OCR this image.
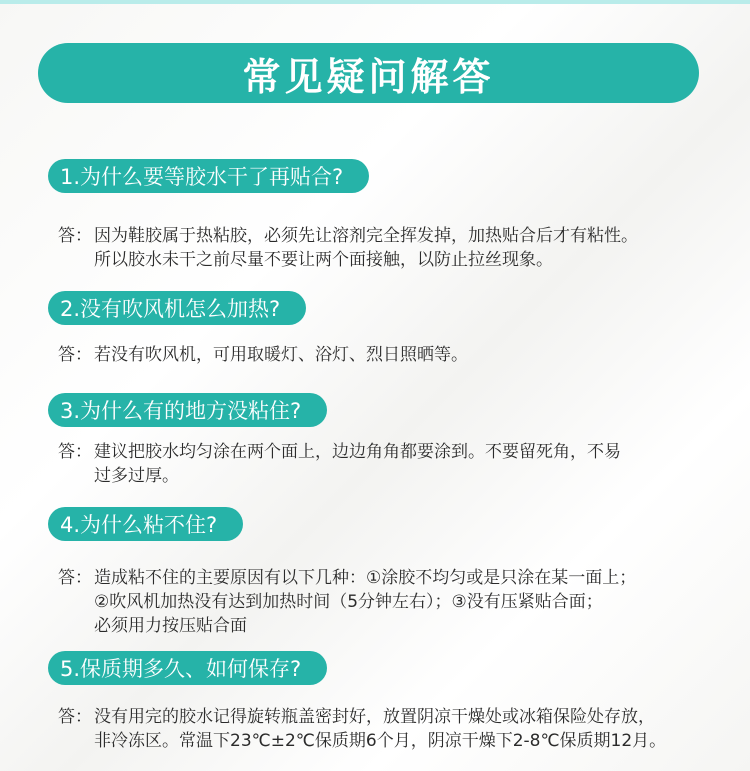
常见疑问解答
1.为什么要等胶水干了再贴合?
答： 因为鞋胶属于热粘胶，必须先让溶剂完全挥发掉，加热贴合后才有粘性。
所以胶水未干之前尽量不要让两个面接触，以防止拉丝现象。
2.没有吹风机怎么加热?
答： 若没有吹风机，可用取暖灯、浴灯、烈日照晒等。
3.为什么有的地方没粘住?
答： 建议把胶水均匀涂在两个面上，边边角角都要涂到。不要留死角，不易
过多过厚。
4.为什么粘不住?
答： 造成粘不住的主要原因有以下几种：①涂胶不均匀或是只涂在某一面上；
②吹风机加热没有达到加热时间（5分钟左右）；③没有压紧贴合面；
必须用力按压贴合面
5.保质期多久、如何保存?
答： 没有用完的胶水记得旋转瓶盖密封好，放置阴凉干燥处或冰箱保险处存放，
非冷冻区。常温下23℃±2℃保质期6个月，阴凉干燥下2-8℃保质期12月。
